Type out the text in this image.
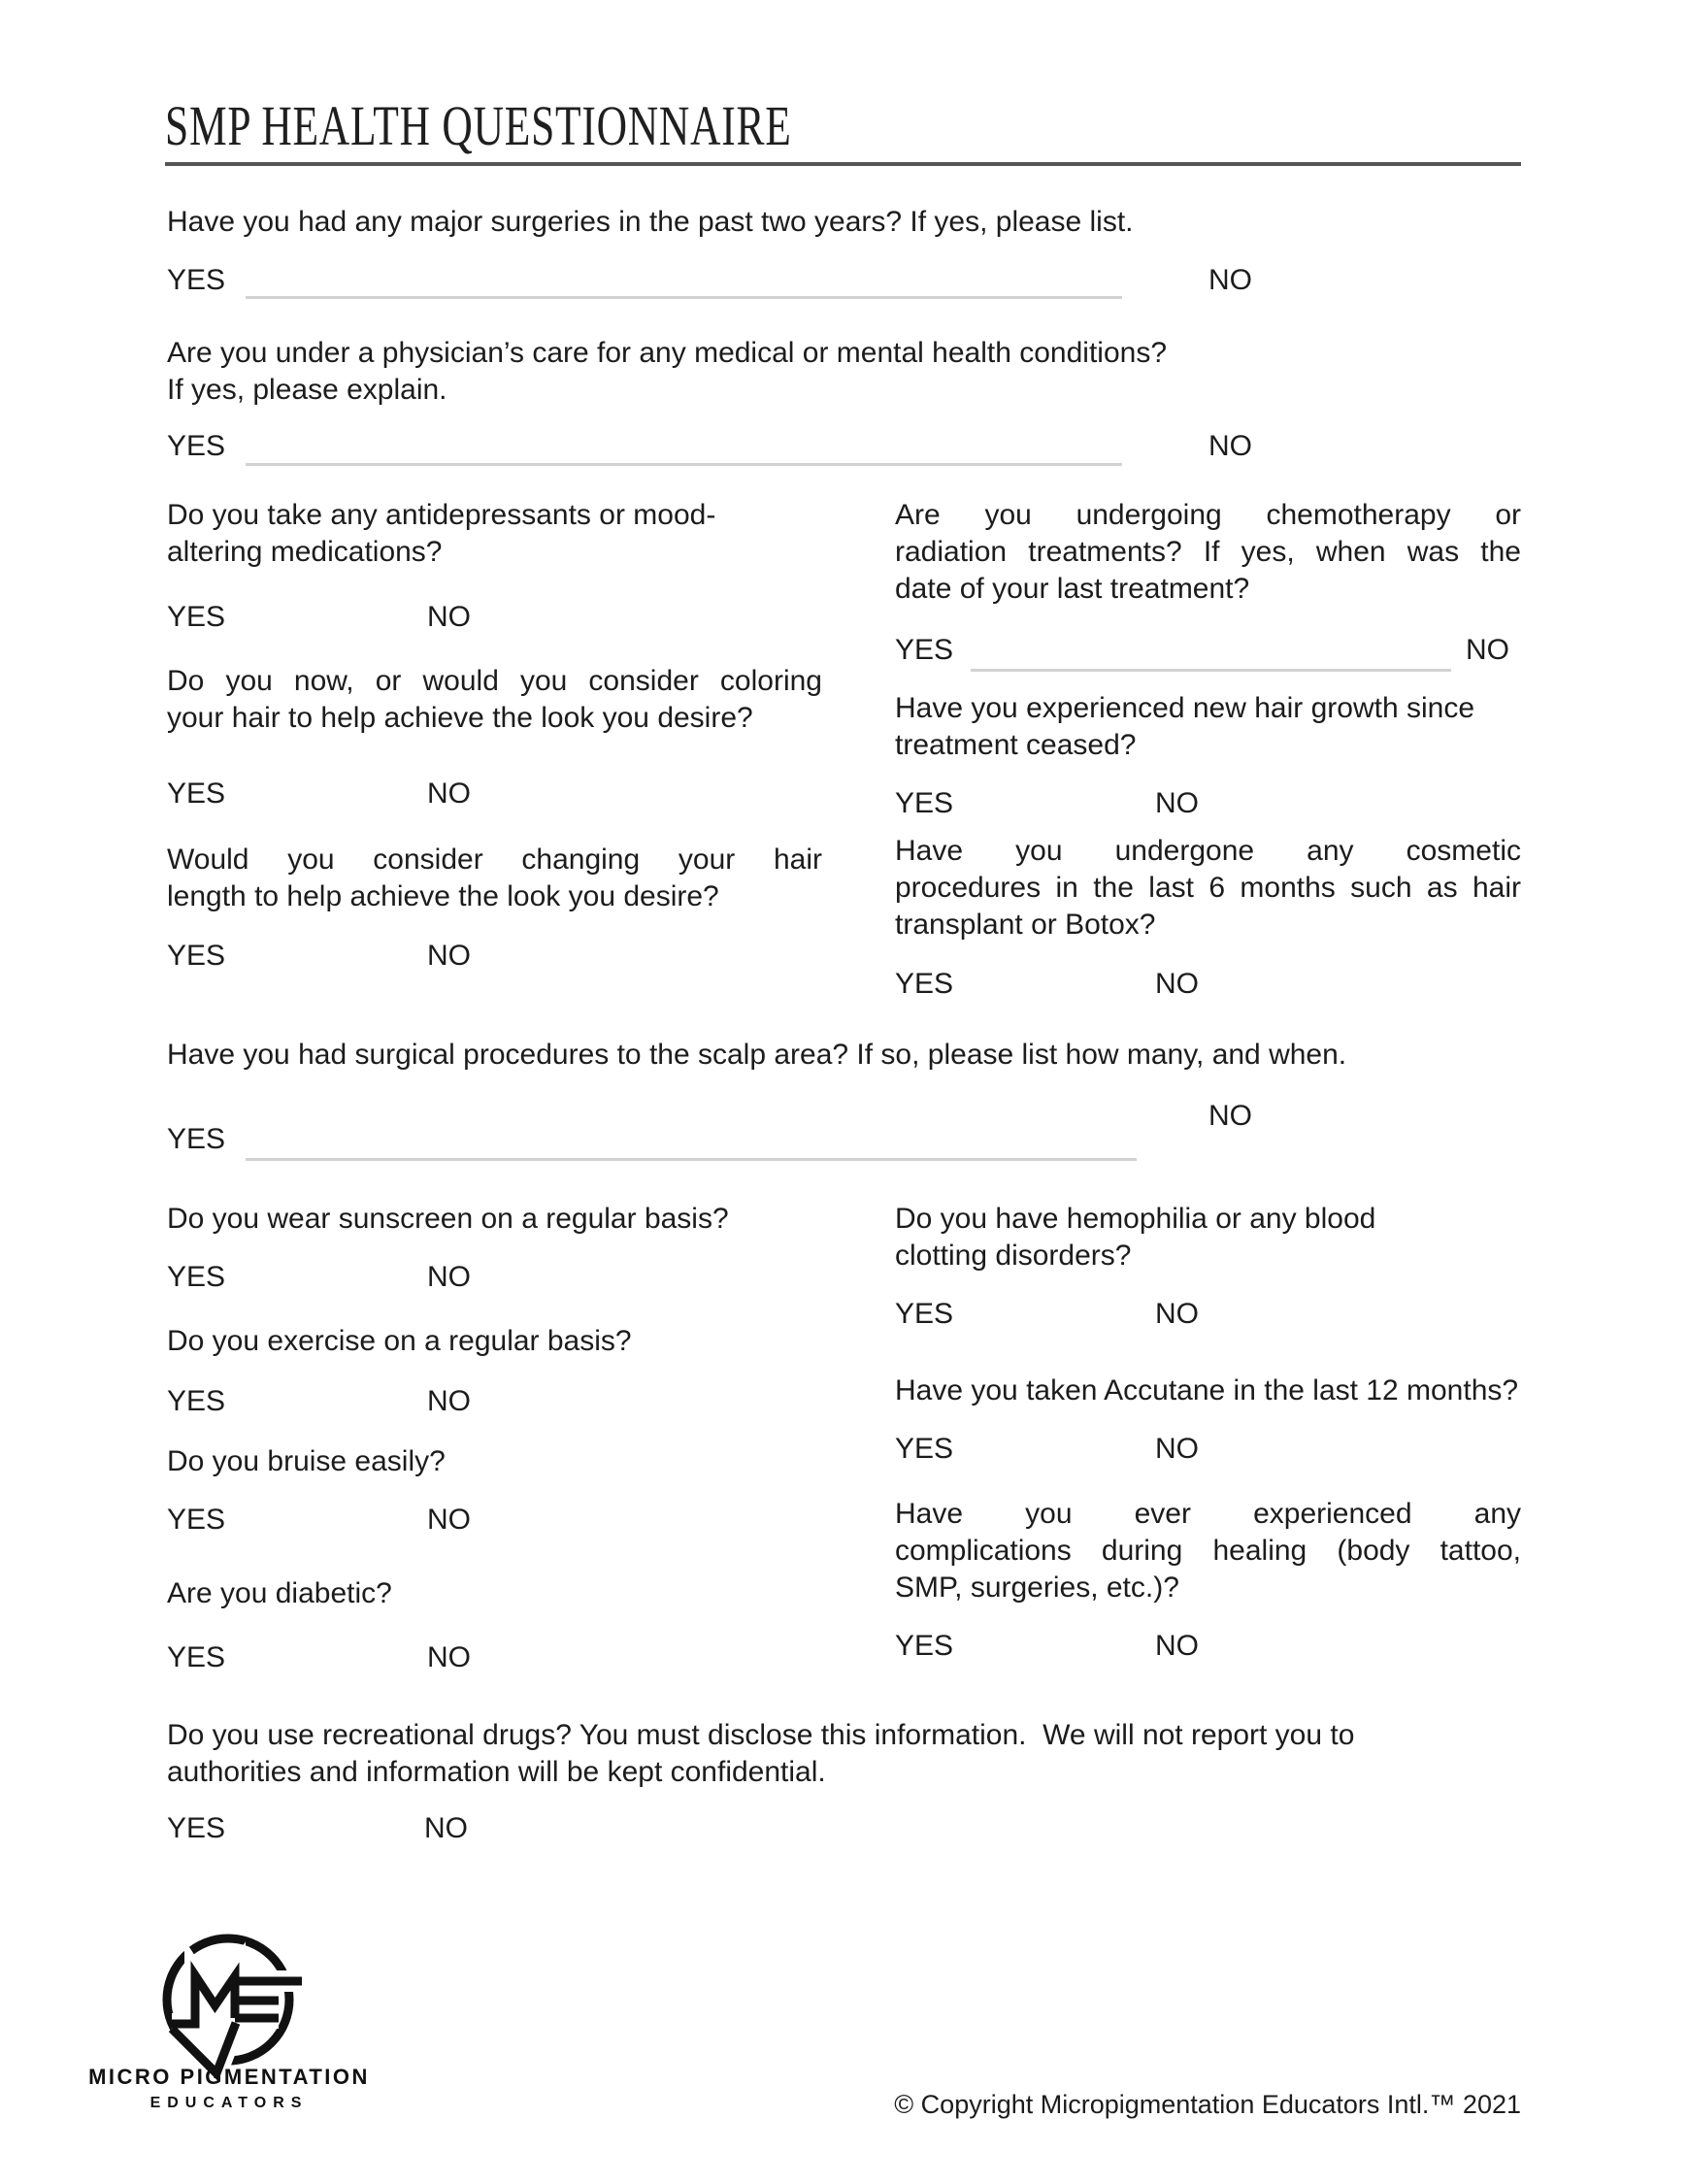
SMP HEALTH QUESTIONNAIRE
Have you had any major surgeries in the past two years? If yes, please list.
YES	NO
Are you under a physician’s care for any medical or mental health conditions?
If yes, please explain.
YES	NO
Do you take any antidepressants or mood-
altering medications?
YES	NO
Do you now, or would you consider coloring
your hair to help achieve the look you desire?
YES	NO
Would you consider changing your hair
length to help achieve the look you desire?
YES	NO
Are you undergoing chemotherapy or
radiation treatments? If yes, when was the
date of your last treatment?
YES	NO
Have you experienced new hair growth since
treatment ceased?
YES	NO
Have you undergone any cosmetic
procedures in the last 6 months such as hair
transplant or Botox?
YES	NO
Have you had surgical procedures to the scalp area? If so, please list how many, and when.
NO
YES
Do you wear sunscreen on a regular basis?
YES	NO
Do you exercise on a regular basis?
YES	NO
Do you bruise easily?
YES	NO
Are you diabetic?
YES	NO
Do you have hemophilia or any blood
clotting disorders?
YES	NO
Have you taken Accutane in the last 12 months?
YES	NO
Have you ever experienced any
complications during healing (body tattoo,
SMP, surgeries, etc.)?
YES	NO
Do you use recreational drugs? You must disclose this information.  We will not report you to
authorities and information will be kept confidential.
YES	NO
MICRO PIGMENTATION
EDUCATORS	© Copyright Micropigmentation Educators Intl.™ 2021
